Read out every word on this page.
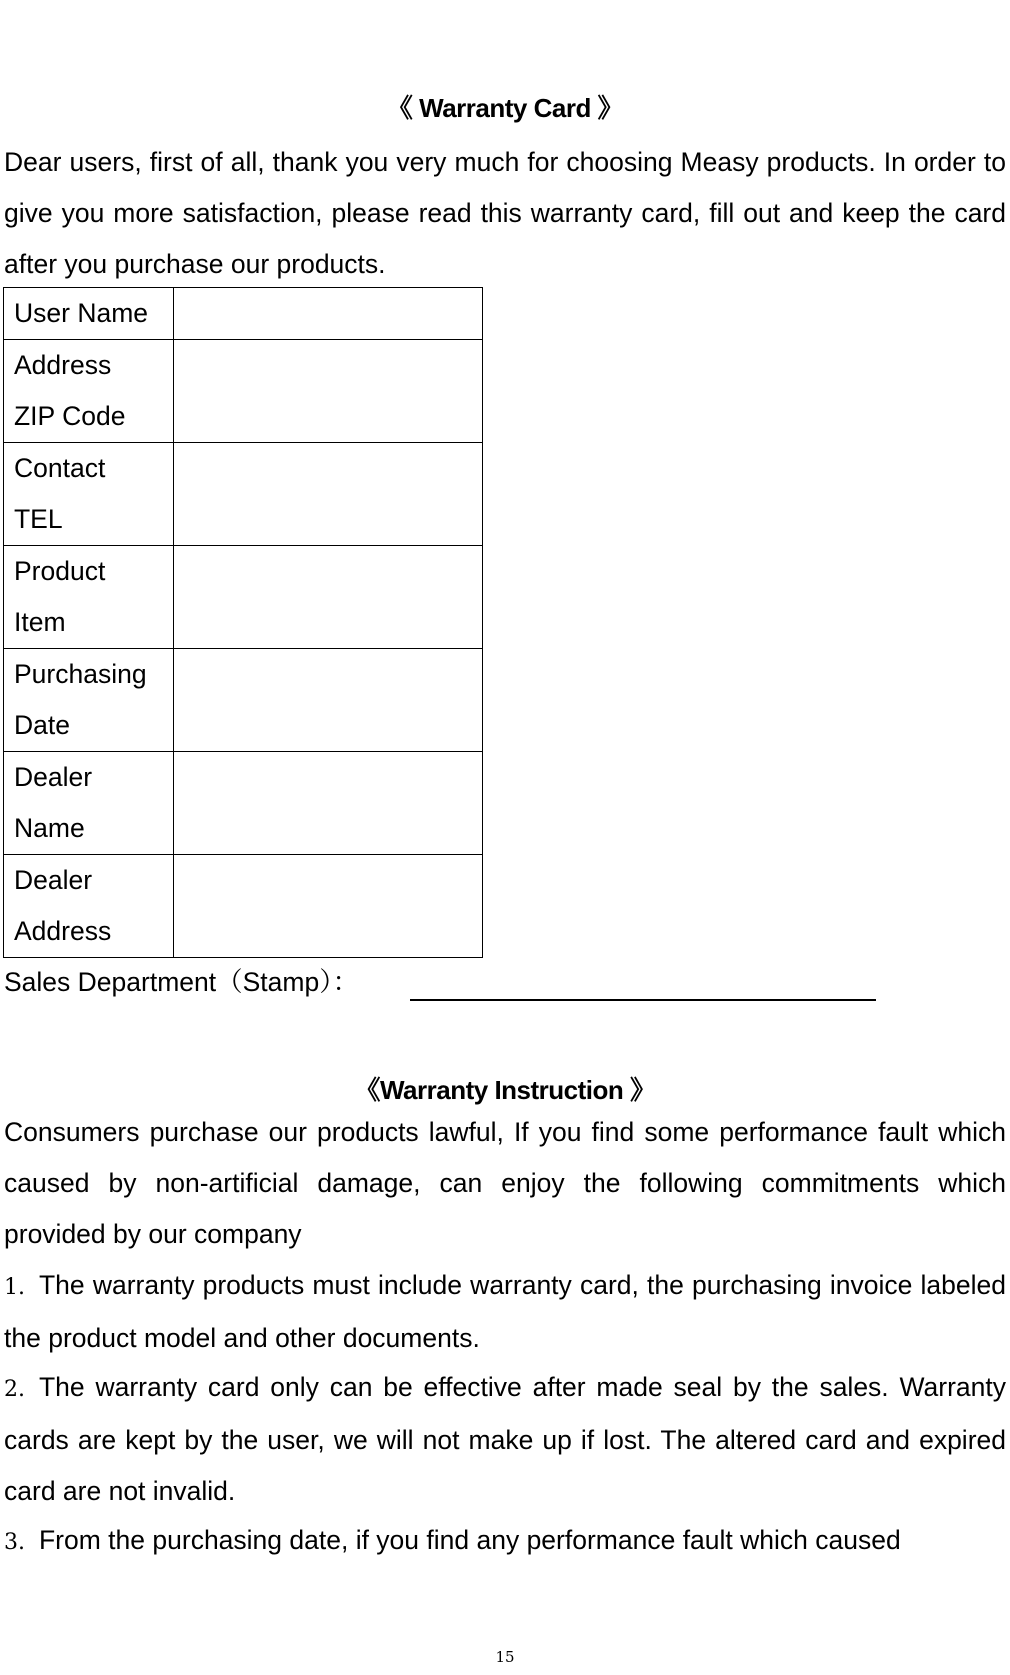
《 Warranty Card 》

Dear users, first of all, thank you very much for choosing Measy products. In order to give you more satisfaction, please read this warranty card, fill out and keep the card after you purchase our products.

User Name	

Address
ZIP Code	

Contact
TEL	

Product
Item	

Purchasing
Date	

Dealer
Name	

Dealer
Address	

Sales Department（Stamp）：
《Warranty Instruction 》

Consumers purchase our products lawful, If you find some performance fault which caused by non-artificial damage, can enjoy the following commitments which provided by our company

1. The warranty products must include warranty card, the purchasing invoice labeled the product model and other documents.

2. The warranty card only can be effective after made seal by the sales. Warranty cards are kept by the user, we will not make up if lost. The altered card and expired card are not invalid.

3. From the purchasing date, if you find any performance fault which caused

15
